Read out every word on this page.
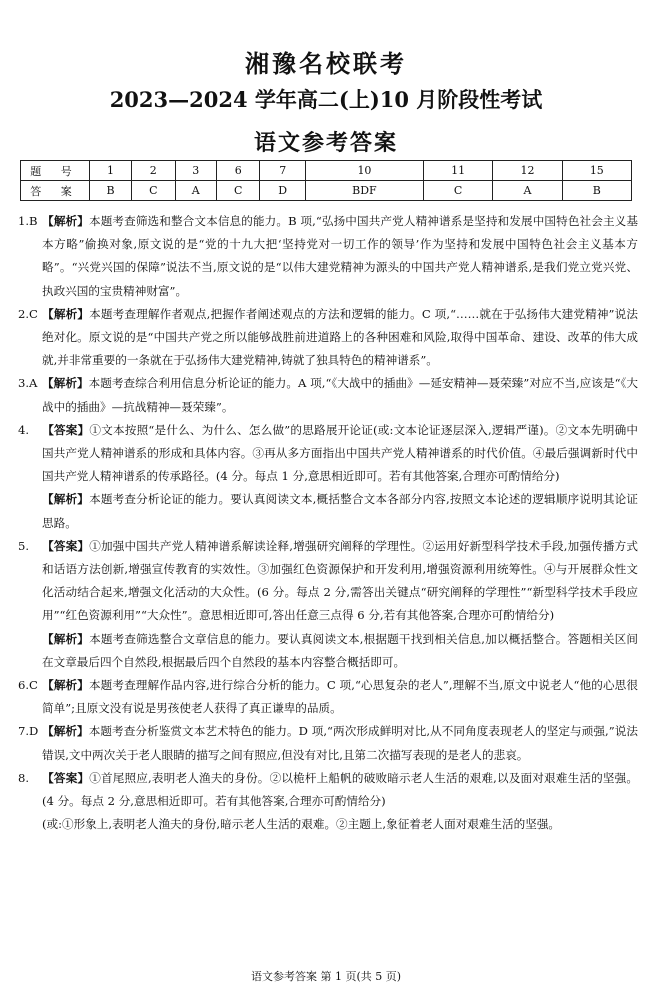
湘豫名校联考
2023—2024 学年高二(上)10 月阶段性考试
语文参考答案
题 号	1	2	3	6	7	10	11	12	15
答 案	B	C	A	C	D	BDF	C	A	B

1.B 【解析】本题考查筛选和整合文本信息的能力。B 项,“弘扬中国共产党人精神谱系是坚持和发展中国特色社会主义基本方略”偷换对象,原文说的是“党的十九大把‘坚持党对一切工作的领导’作为坚持和发展中国特色社会主义基本方略”。“兴党兴国的保障”说法不当,原文说的是“以伟大建党精神为源头的中国共产党人精神谱系,是我们党立党兴党、执政兴国的宝贵精神财富”。

2.C 【解析】本题考查理解作者观点,把握作者阐述观点的方法和逻辑的能力。C 项,“……就在于弘扬伟大建党精神”说法绝对化。原文说的是“中国共产党之所以能够战胜前进道路上的各种困难和风险,取得中国革命、建设、改革的伟大成就,并非常重要的一条就在于弘扬伟大建党精神,铸就了独具特色的精神谱系”。

3.A 【解析】本题考查综合利用信息分析论证的能力。A 项,“《大战中的插曲》—延安精神—聂荣臻”对应不当,应该是“《大战中的插曲》—抗战精神—聂荣臻”。

4. 【答案】①文本按照“是什么、为什么、怎么做”的思路展开论证(或:文本论证逐层深入,逻辑严谨)。②文本先明确中国共产党人精神谱系的形成和具体内容。③再从多方面指出中国共产党人精神谱系的时代价值。④最后强调新时代中国共产党人精神谱系的传承路径。(4 分。每点 1 分,意思相近即可。若有其他答案,合理亦可酌情给分)

【解析】本题考查分析论证的能力。要认真阅读文本,概括整合文本各部分内容,按照文本论述的逻辑顺序说明其论证思路。

5. 【答案】①加强中国共产党人精神谱系解读诠释,增强研究阐释的学理性。②运用好新型科学技术手段,加强传播方式和话语方法创新,增强宣传教育的实效性。③加强红色资源保护和开发利用,增强资源利用统筹性。④与开展群众性文化活动结合起来,增强文化活动的大众性。(6 分。每点 2 分,需答出关键点“研究阐释的学理性”“新型科学技术手段应用”“红色资源利用”“大众性”。意思相近即可,答出任意三点得 6 分,若有其他答案,合理亦可酌情给分)

【解析】本题考查筛选整合文章信息的能力。要认真阅读文本,根据题干找到相关信息,加以概括整合。答题相关区间在文章最后四个自然段,根据最后四个自然段的基本内容整合概括即可。

6.C 【解析】本题考查理解作品内容,进行综合分析的能力。C 项,“心思复杂的老人”,理解不当,原文中说老人“他的心思很简单”;且原文没有说是男孩使老人获得了真正谦卑的品质。

7.D 【解析】本题考查分析鉴赏文本艺术特色的能力。D 项,“两次形成鲜明对比,从不同角度表现老人的坚定与顽强,”说法错误,文中两次关于老人眼睛的描写之间有照应,但没有对比,且第二次描写表现的是老人的悲哀。

8. 【答案】①首尾照应,表明老人渔夫的身份。②以桅杆上船帆的破败暗示老人生活的艰难,以及面对艰难生活的坚强。(4 分。每点 2 分,意思相近即可。若有其他答案,合理亦可酌情给分)

(或:①形象上,表明老人渔夫的身份,暗示老人生活的艰难。②主题上,象征着老人面对艰难生活的坚强。

语文参考答案 第 1 页(共 5 页)
